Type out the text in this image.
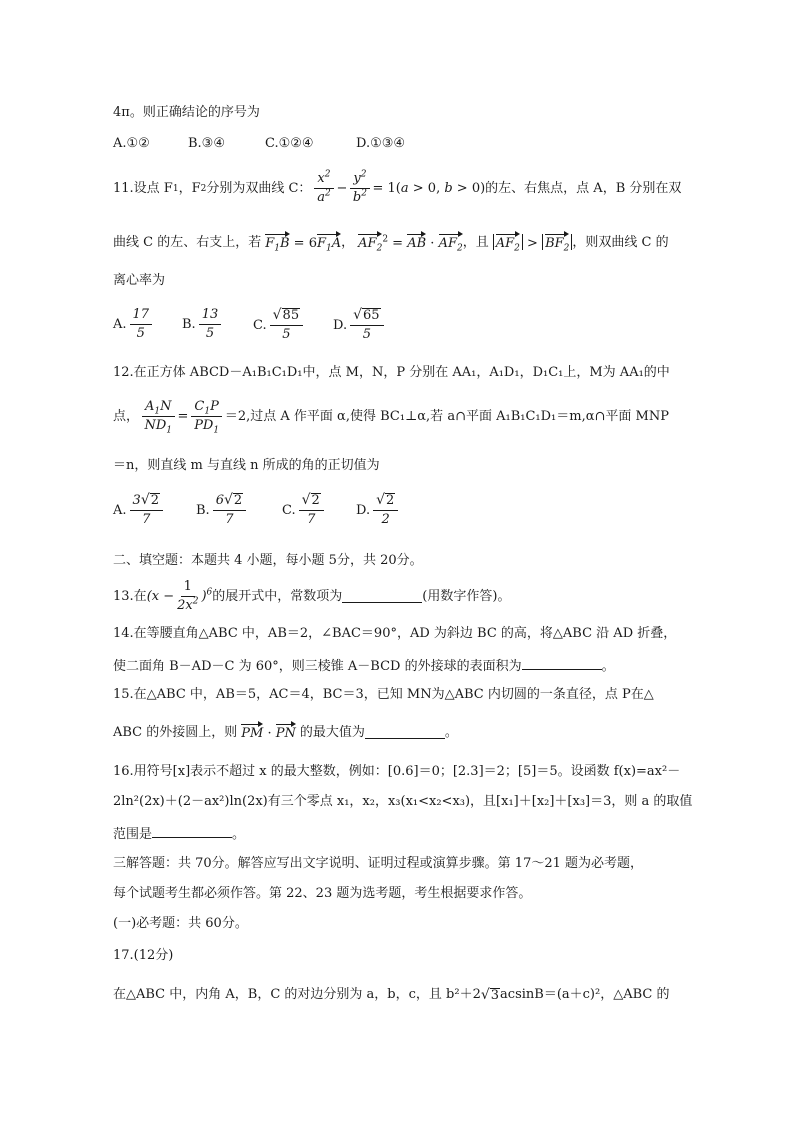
4π。则正确结论的序号为
A.①②	B.③④	C.①②④	D.①③④
11.设点 F 1 ，F 2 分别为双曲线 C： $\frac{x^2}{a^2} - \frac{y^2}{b^2} = 1(a > 0$, b > 0) 的左、右焦点，点 A，B 分别在双
曲线 C 的左、右支上，若 $F_1B = 6F_1A$ ， $AF_2^2$ = AB · $AF_2$ ，且 $AF_2 > BF_2$ ，则双曲线 C 的
离心率为
A. $\frac{17}{5} B$. $\frac{13}{5} C$. $\frac{√ 85}{5} D$. $\frac{√ 65}{5}$
12.在正方体 ABCD－A₁B₁C₁D₁中，点 M，N，P 分别在 AA₁，A₁D₁，D₁C₁上，M为 AA₁的中
点， $\frac{A_1N}{ND_1} = \frac{C_1P}{PD_1} =2$,过点 A 作平面 α,使得 BC₁⊥α,若 a∩平面 A₁B₁C₁D₁＝m,α∩平面 MNP
＝n，则直线 m 与直线 n 所成的角的正切值为
A. $\frac{3 √ 2}{7}$	B. $\frac{6 √ 2}{7}$	C. $\frac{√ 2}{7} D$. $\frac{√ 2}{2}$
二、填空题：本题共 4 小题，每小题 5分，共 20分。
13.在 $(x - \frac{1}{2x^2} )^6$ 的展开式中，常数项为	(用数字作答)。
14.在等腰直角△ABC 中，AB＝2，∠BAC＝90°，AD 为斜边 BC 的高，将△ABC 沿 AD 折叠，
使二面角 B－AD－C 为 60°，则三棱锥 A－BCD 的外接球的表面积为	。
15.在△ABC 中，AB＝5，AC＝4，BC＝3，已知 MN为△ABC 内切圆的一条直径，点 P在△
ABC 的外接圆上，则 PM · PN 的最大值为	。
16.用符号[x]表示不超过 x 的最大整数，例如：[0.6]＝0；[2.3]＝2；[5]＝5。设函数 f(x)=ax²－
2ln²(2x)＋(2－ax²)ln(2x)有三个零点 x₁，x₂，x₃(x₁<x₂<x₃)，且[x₁]＋[x₂]＋[x₃]＝3，则 a 的取值
范围是	。
三解答题：共 70分。解答应写出文字说明、证明过程或演算步骤。第 17～21 题为必考题，
每个试题考生都必须作答。第 22、23 题为选考题，考生根据要求作答。
(一)必考题：共 60分。
17.(12分)
在△ABC 中，内角 A，B，C 的对边分别为 a，b，c，且 b²＋2 √ 3 acsinB＝(a＋c)²，△ABC 的
